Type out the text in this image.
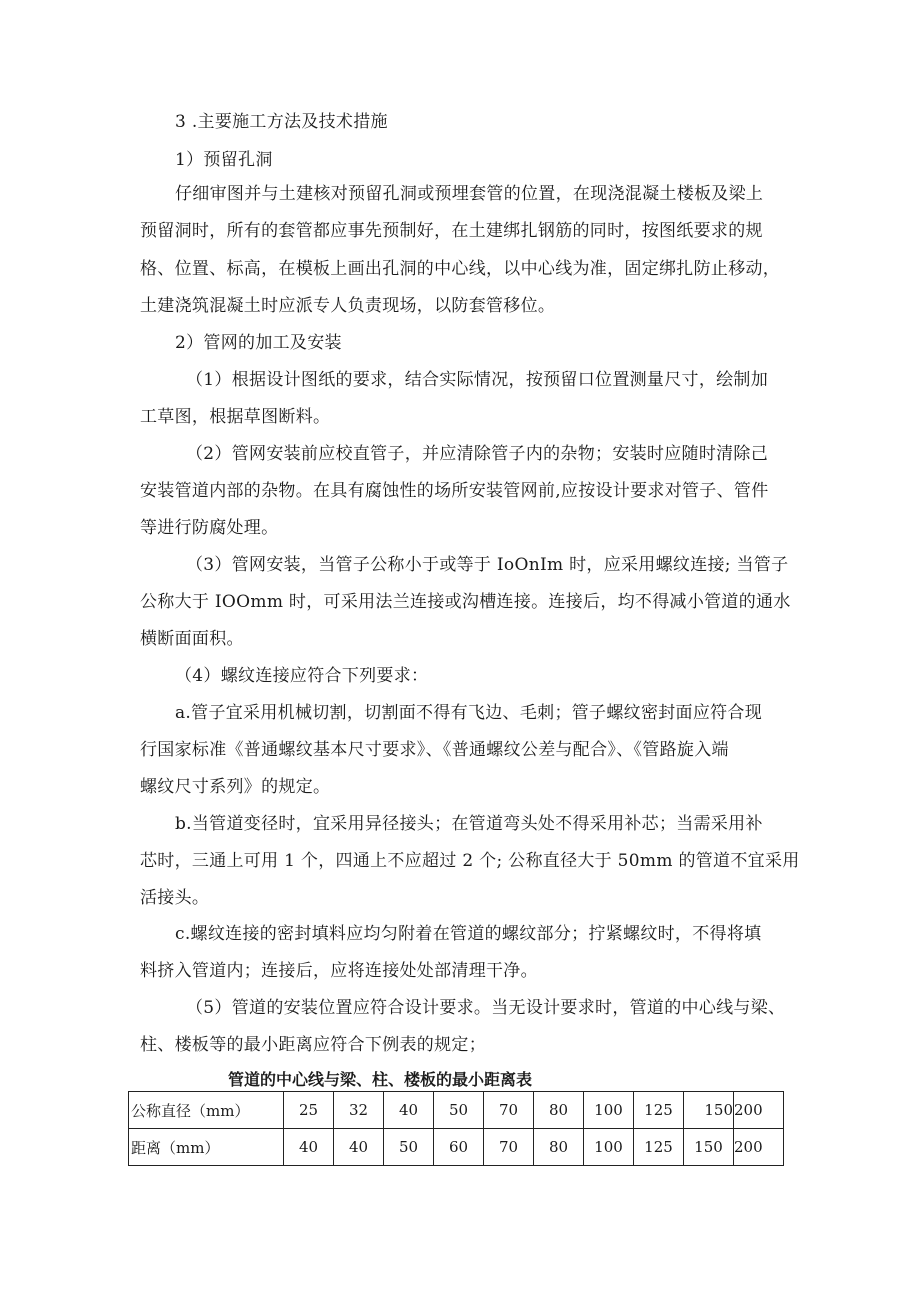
3 .主要施工方法及技术措施
1）预留孔洞
仔细审图并与土建核对预留孔洞或预埋套管的位置，在现浇混凝土楼板及梁上
预留洞时，所有的套管都应事先预制好，在土建绑扎钢筋的同时，按图纸要求的规
格、位置、标高，在模板上画出孔洞的中心线，以中心线为准，固定绑扎防止移动，
土建浇筑混凝土时应派专人负责现场，以防套管移位。
2）管网的加工及安装
（1）根据设计图纸的要求，结合实际情况，按预留口位置测量尺寸，绘制加
工草图，根据草图断料。
（2）管网安装前应校直管子，并应清除管子内的杂物；安装时应随时清除己
安装管道内部的杂物。在具有腐蚀性的场所安装管网前,应按设计要求对管子、管件
等进行防腐处理。
（3）管网安装，当管子公称小于或等于 IoOnIm 时，应采用螺纹连接; 当管子
公称大于 IOOmm 时，可采用法兰连接或沟槽连接。连接后，均不得减小管道的通水
横断面面积。
（4）螺纹连接应符合下列要求：
a.管子宜采用机械切割，切割面不得有飞边、毛刺；管子螺纹密封面应符合现
行国家标准《普通螺纹基本尺寸要求》、《普通螺纹公差与配合》、《管路旋入端
螺纹尺寸系列》的规定。
b.当管道变径时，宜采用异径接头；在管道弯头处不得采用补芯；当需采用补
芯时，三通上可用 1 个，四通上不应超过 2 个; 公称直径大于 50mm 的管道不宜采用
活接头。
c.螺纹连接的密封填料应均匀附着在管道的螺纹部分；拧紧螺纹时，不得将填
料挤入管道内；连接后，应将连接处处部清理干净。
（5）管道的安装位置应符合设计要求。当无设计要求时，管道的中心线与梁、
柱、楼板等的最小距离应符合下例表的规定；
管道的中心线与梁、柱、楼板的最小距离表
公称直径（mm）	25	32	40	50	70	80	100	125	150	200
距离（mm）	40	40	50	60	70	80	100	125	150	200
